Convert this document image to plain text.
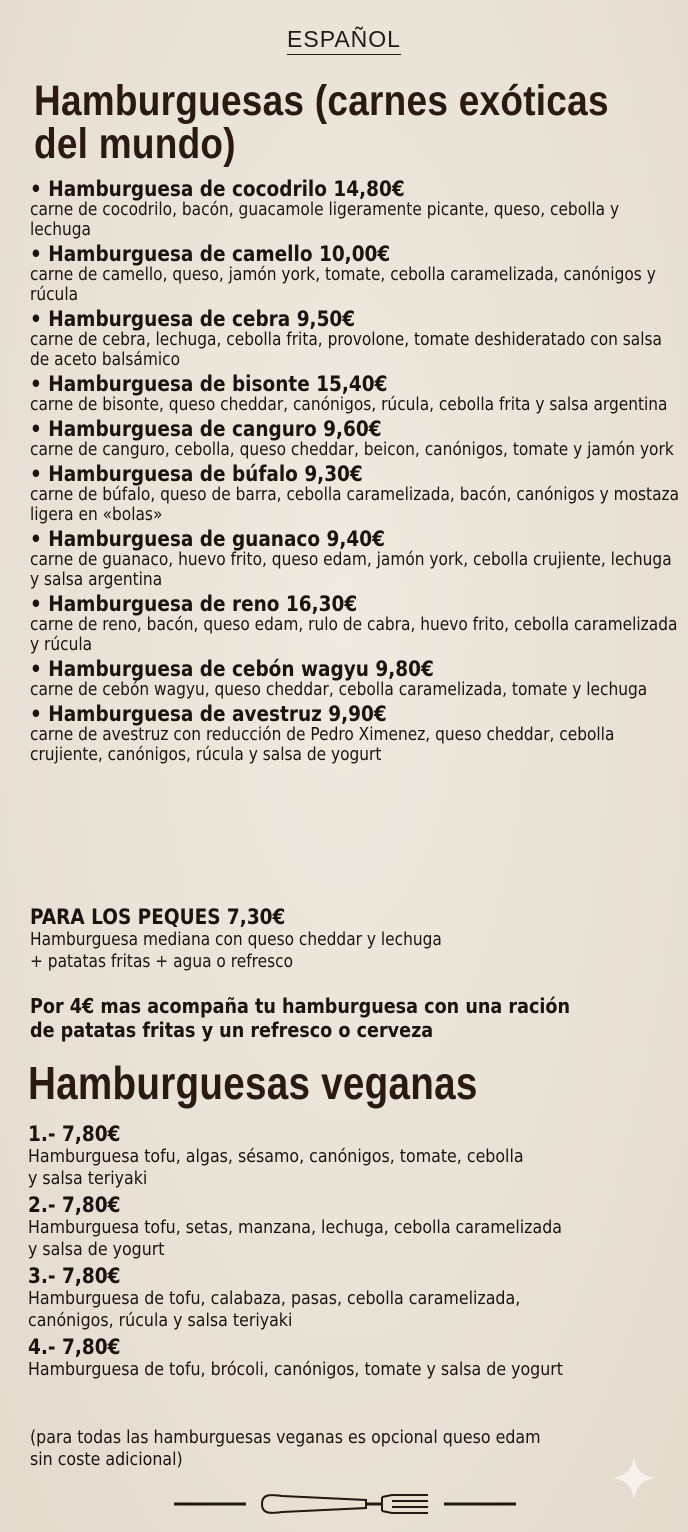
ESPAÑOL
Hamburguesas (carnes exóticas
del mundo)
• Hamburguesa de cocodrilo 14,80€
carne de cocodrilo, bacón, guacamole ligeramente picante, queso, cebolla y lechuga
• Hamburguesa de camello 10,00€
carne de camello, queso, jamón york, tomate, cebolla caramelizada, canónigos y rúcula
• Hamburguesa de cebra 9,50€
carne de cebra, lechuga, cebolla frita, provolone, tomate deshideratado con salsa de aceto balsámico
• Hamburguesa de bisonte 15,40€
carne de bisonte, queso cheddar, canónigos, rúcula, cebolla frita y salsa argentina
• Hamburguesa de canguro 9,60€
carne de canguro, cebolla, queso cheddar, beicon, canónigos, tomate y jamón york
• Hamburguesa de búfalo 9,30€
carne de búfalo, queso de barra, cebolla caramelizada, bacón, canónigos y mostaza ligera en «bolas»
• Hamburguesa de guanaco 9,40€
carne de guanaco, huevo frito, queso edam, jamón york, cebolla crujiente, lechuga y salsa argentina
• Hamburguesa de reno 16,30€
carne de reno, bacón, queso edam, rulo de cabra, huevo frito, cebolla caramelizada y rúcula
• Hamburguesa de cebón wagyu 9,80€
carne de cebón wagyu, queso cheddar, cebolla caramelizada, tomate y lechuga
• Hamburguesa de avestruz 9,90€
carne de avestruz con reducción de Pedro Ximenez, queso cheddar, cebolla crujiente, canónigos, rúcula y salsa de yogurt
PARA LOS PEQUES 7,30€
Hamburguesa mediana con queso cheddar y lechuga
+ patatas fritas + agua o refresco
Por 4€ mas acompaña tu hamburguesa con una ración
de patatas fritas y un refresco o cerveza
Hamburguesas veganas
1.- 7,80€
Hamburguesa tofu, algas, sésamo, canónigos, tomate, cebolla
y salsa teriyaki
2.- 7,80€
Hamburguesa tofu, setas, manzana, lechuga, cebolla caramelizada
y salsa de yogurt
3.- 7,80€
Hamburguesa de tofu, calabaza, pasas, cebolla caramelizada,
canónigos, rúcula y salsa teriyaki
4.- 7,80€
Hamburguesa de tofu, brócoli, canónigos, tomate y salsa de yogurt
(para todas las hamburguesas veganas es opcional queso edam
sin coste adicional)
